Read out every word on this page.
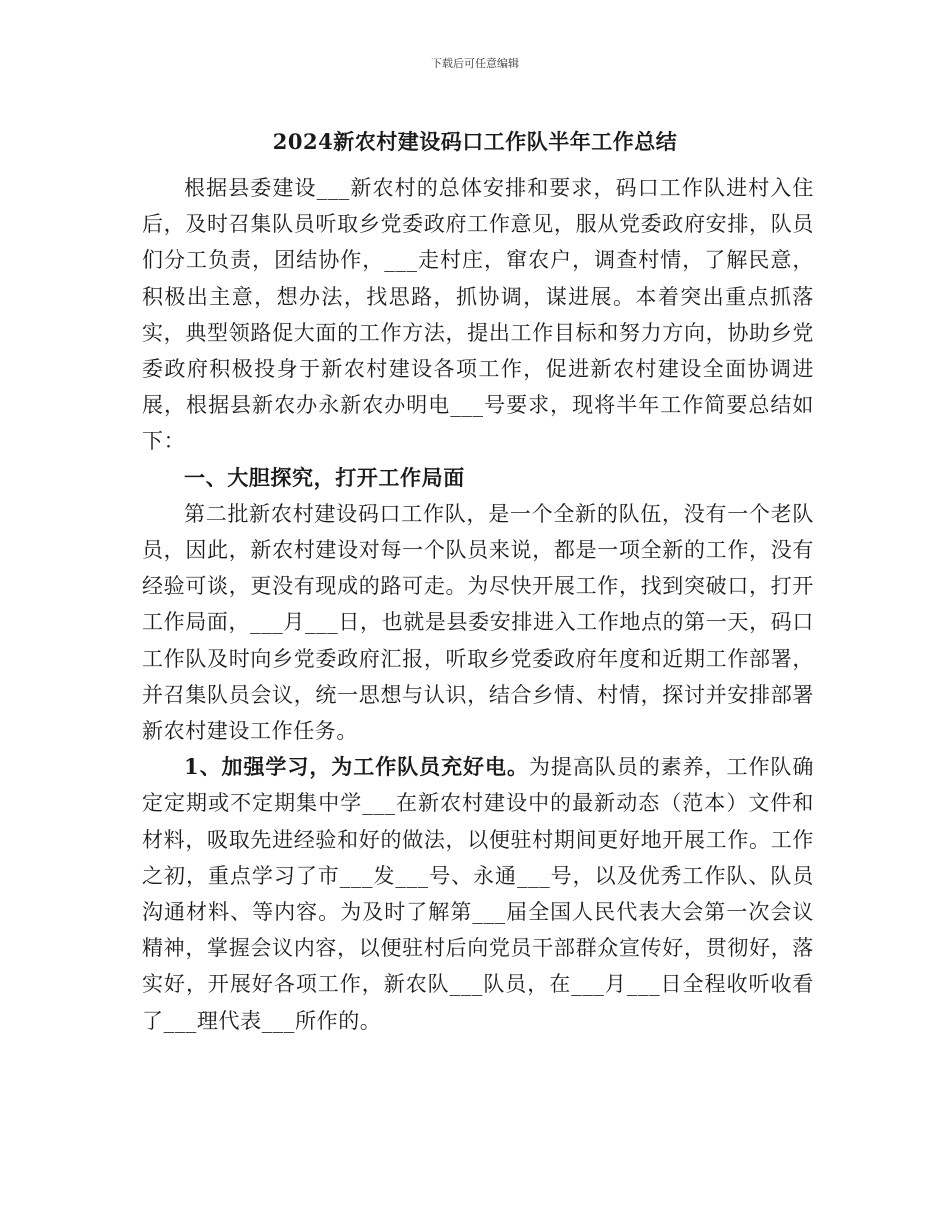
下载后可任意编辑
2024新农村建设码口工作队半年工作总结

根据县委建设___新农村的总体安排和要求，码口工作队进村入住后，及时召集队员听取乡党委政府工作意见，服从党委政府安排，队员们分工负责，团结协作，___走村庄，窜农户，调查村情，了解民意，积极出主意，想办法，找思路，抓协调，谋进展。本着突出重点抓落实，典型领路促大面的工作方法，提出工作目标和努力方向，协助乡党委政府积极投身于新农村建设各项工作，促进新农村建设全面协调进展，根据县新农办永新农办明电___号要求，现将半年工作简要总结如下：

一、大胆探究，打开工作局面

第二批新农村建设码口工作队，是一个全新的队伍，没有一个老队员，因此，新农村建设对每一个队员来说，都是一项全新的工作，没有经验可谈，更没有现成的路可走。为尽快开展工作，找到突破口，打开工作局面，___月___日，也就是县委安排进入工作地点的第一天，码口工作队及时向乡党委政府汇报，听取乡党委政府年度和近期工作部署，并召集队员会议，统一思想与认识，结合乡情、村情，探讨并安排部署新农村建设工作任务。

1、加强学习，为工作队员充好电。为提高队员的素养，工作队确定定期或不定期集中学___在新农村建设中的最新动态（范本）文件和材料，吸取先进经验和好的做法，以便驻村期间更好地开展工作。工作之初，重点学习了市___发___号、永通___号，以及优秀工作队、队员沟通材料、等内容。为及时了解第___届全国人民代表大会第一次会议精神，掌握会议内容，以便驻村后向党员干部群众宣传好，贯彻好，落实好，开展好各项工作，新农队___队员，在___月___日全程收听收看了___理代表___所作的。
